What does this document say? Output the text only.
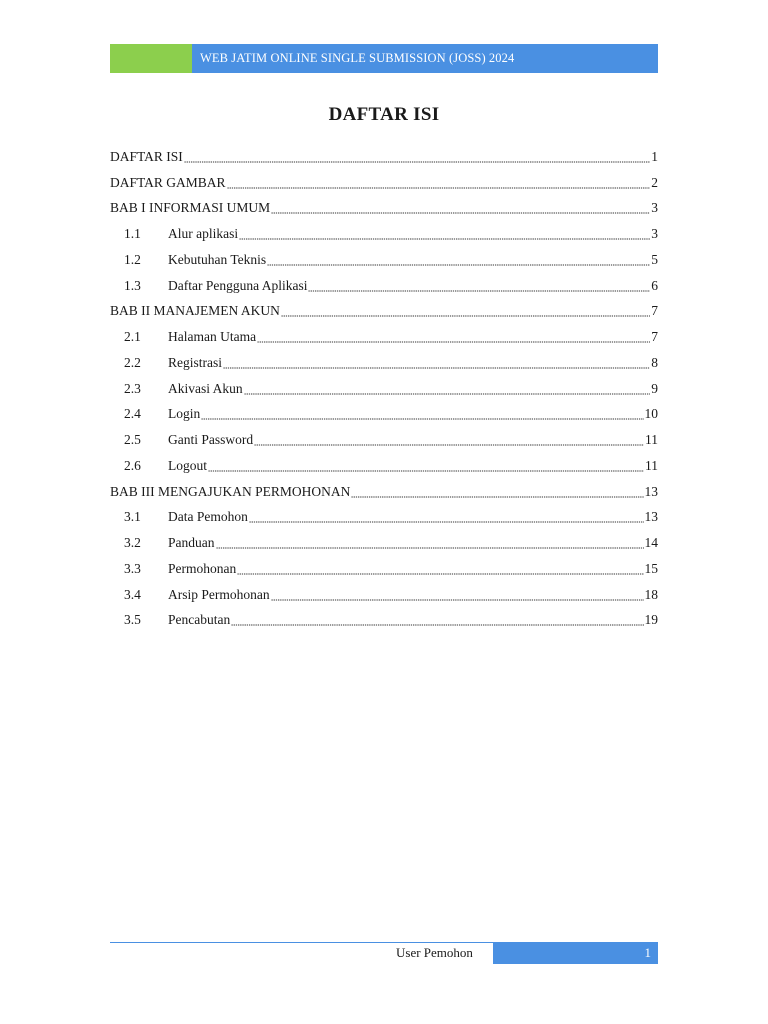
WEB JATIM ONLINE SINGLE SUBMISSION (JOSS) 2024
DAFTAR ISI
DAFTAR ISI	1
DAFTAR GAMBAR	2
BAB I INFORMASI UMUM	3
1.1	Alur aplikasi	3
1.2	Kebutuhan Teknis	5
1.3	Daftar Pengguna Aplikasi	6
BAB II MANAJEMEN AKUN	7
2.1	Halaman Utama	7
2.2	Registrasi	8
2.3	Akivasi Akun	9
2.4	Login	10
2.5	Ganti Password	11
2.6	Logout	11
BAB III MENGAJUKAN PERMOHONAN	13
3.1	Data Pemohon	13
3.2	Panduan	14
3.3	Permohonan	15
3.4	Arsip Permohonan	18
3.5	Pencabutan	19
User Pemohon	1
